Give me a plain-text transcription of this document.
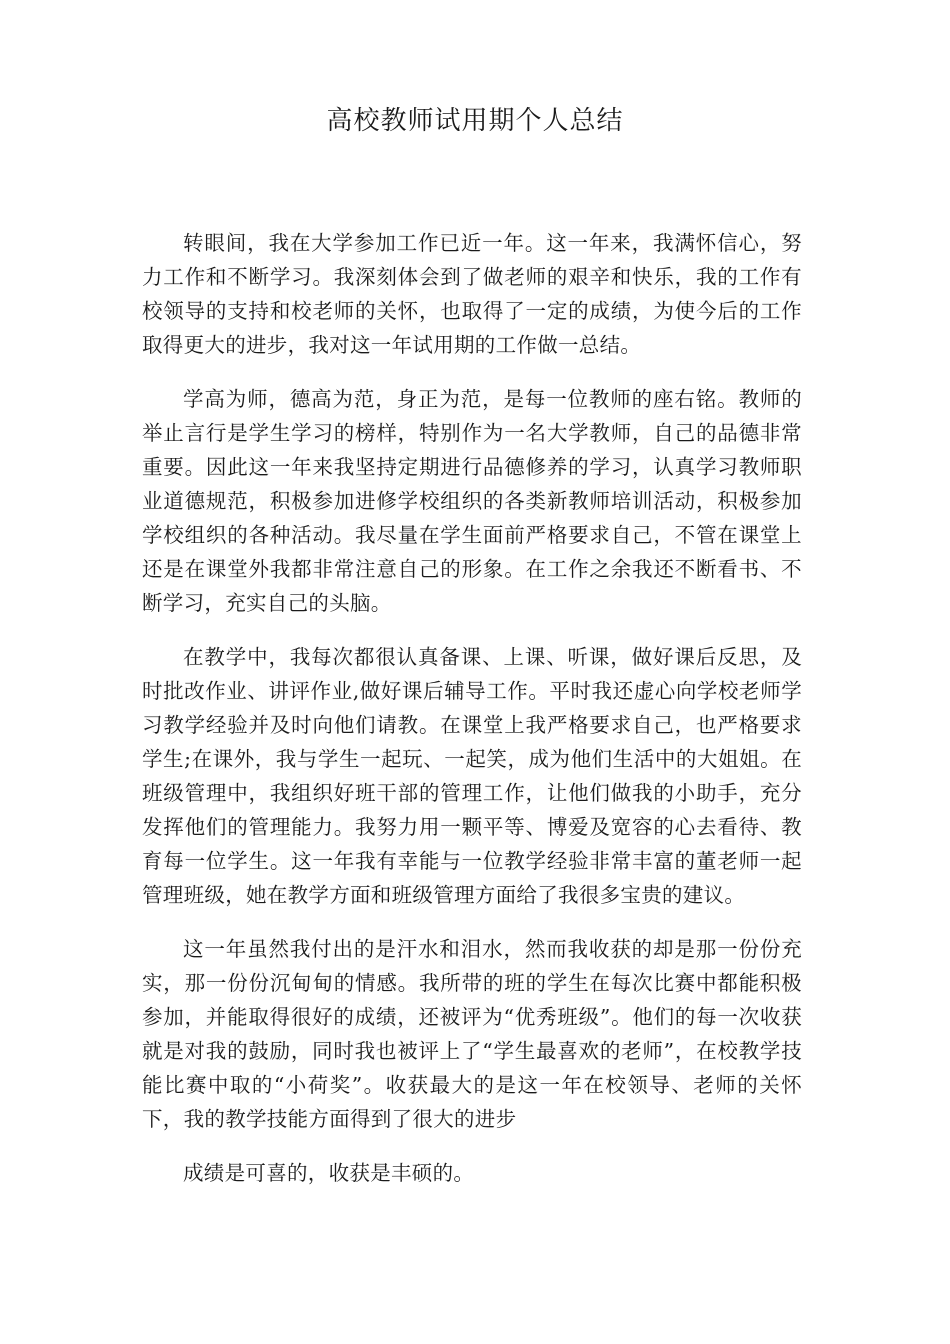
高校教师试用期个人总结

转眼间，我在大学参加工作已近一年。这一年来，我满怀信心，努力工作和不断学习。我深刻体会到了做老师的艰辛和快乐，我的工作有校领导的支持和校老师的关怀，也取得了一定的成绩，为使今后的工作取得更大的进步，我对这一年试用期的工作做一总结。

学高为师，德高为范，身正为范，是每一位教师的座右铭。教师的举止言行是学生学习的榜样，特别作为一名大学教师，自己的品德非常重要。因此这一年来我坚持定期进行品德修养的学习，认真学习教师职业道德规范，积极参加进修学校组织的各类新教师培训活动，积极参加学校组织的各种活动。我尽量在学生面前严格要求自己，不管在课堂上还是在课堂外我都非常注意自己的形象。在工作之余我还不断看书、不断学习，充实自己的头脑。

在教学中，我每次都很认真备课、上课、听课，做好课后反思，及时批改作业、讲评作业,做好课后辅导工作。平时我还虚心向学校老师学习教学经验并及时向他们请教。在课堂上我严格要求自己，也严格要求学生;在课外，我与学生一起玩、一起笑，成为他们生活中的大姐姐。在班级管理中，我组织好班干部的管理工作，让他们做我的小助手，充分发挥他们的管理能力。我努力用一颗平等、博爱及宽容的心去看待、教育每一位学生。这一年我有幸能与一位教学经验非常丰富的董老师一起管理班级，她在教学方面和班级管理方面给了我很多宝贵的建议。

这一年虽然我付出的是汗水和泪水，然而我收获的却是那一份份充实，那一份份沉甸甸的情感。我所带的班的学生在每次比赛中都能积极参加，并能取得很好的成绩，还被评为“优秀班级”。他们的每一次收获就是对我的鼓励，同时我也被评上了“学生最喜欢的老师”，在校教学技能比赛中取的“小荷奖”。收获最大的是这一年在校领导、老师的关怀下，我的教学技能方面得到了很大的进步

成绩是可喜的，收获是丰硕的。
